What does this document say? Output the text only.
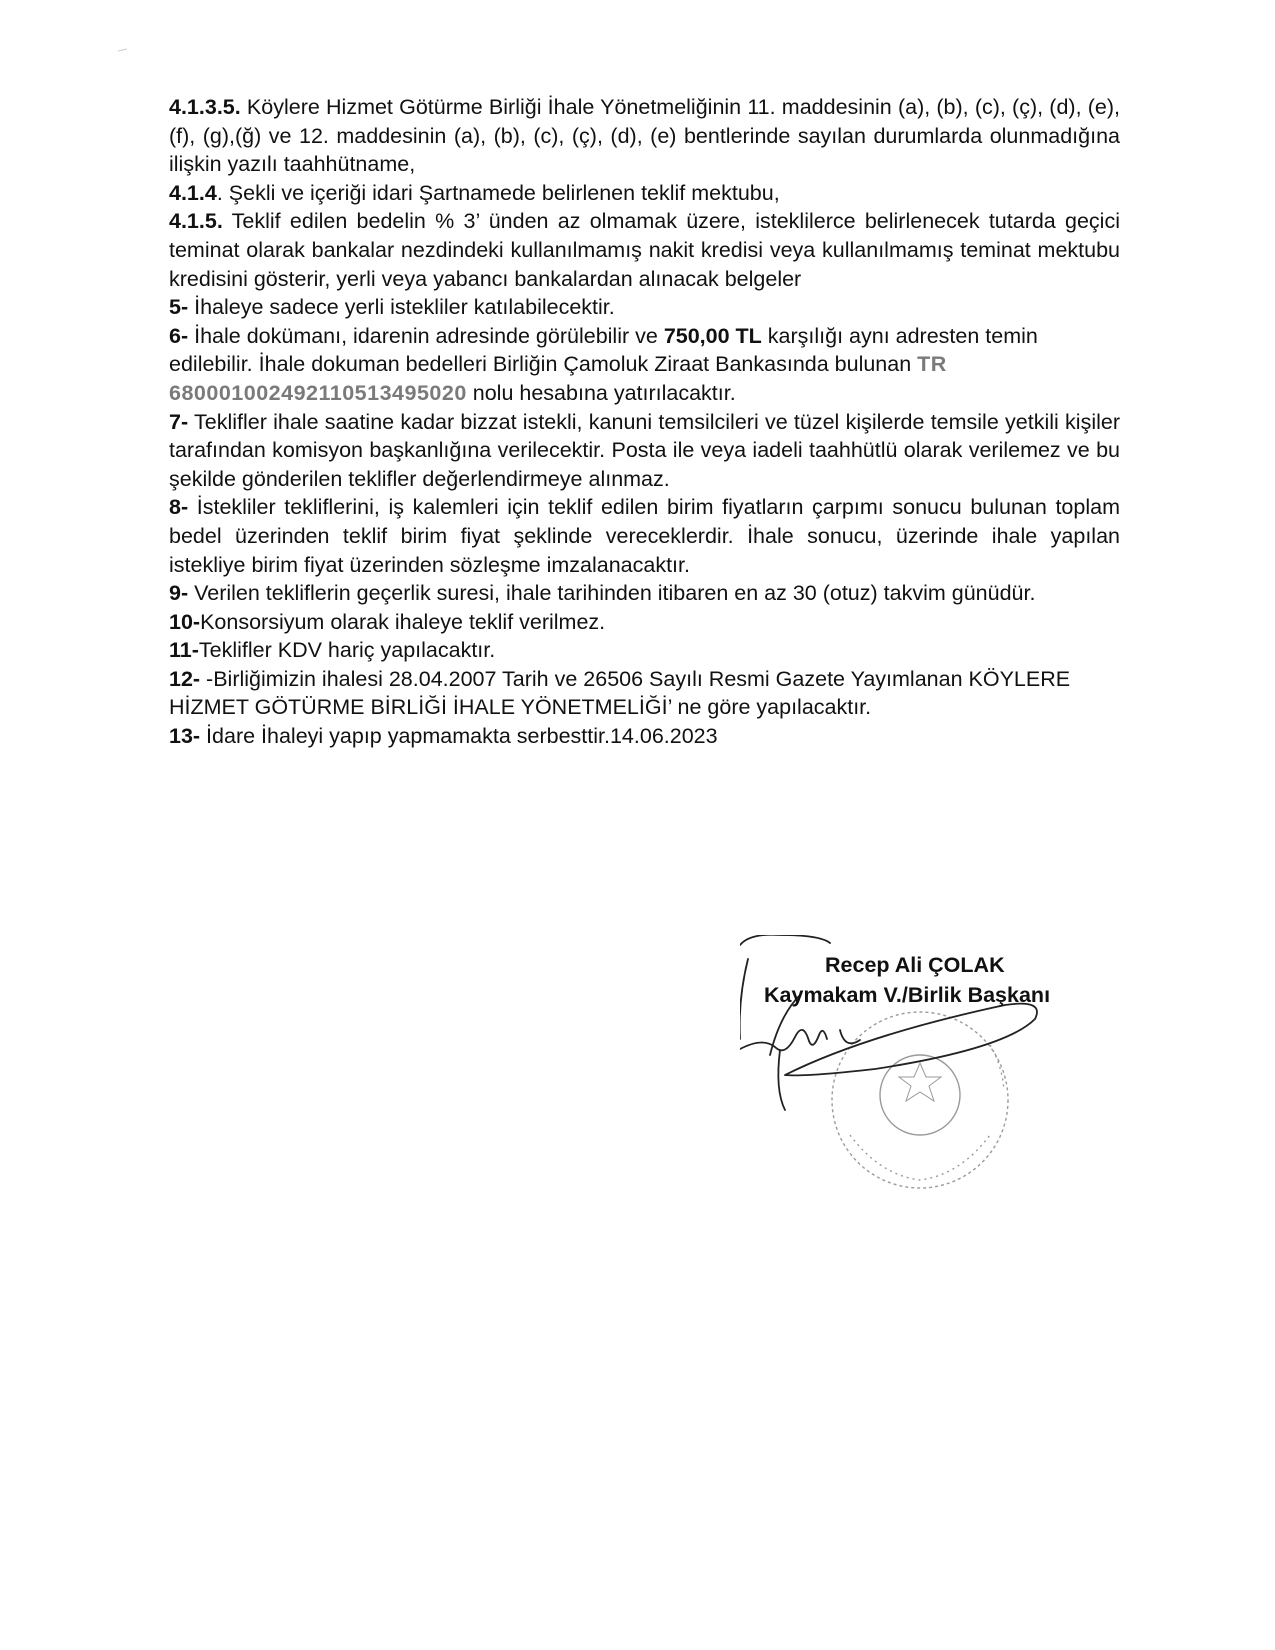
4.1.3.5. Köylere Hizmet Götürme Birliği İhale Yönetmeliğinin 11. maddesinin (a), (b), (c), (ç), (d), (e), (f), (g),(ğ) ve 12. maddesinin (a), (b), (c), (ç), (d), (e) bentlerinde sayılan durumlarda olunmadığına ilişkin yazılı taahhütname,

4.1.4. Şekli ve içeriği idari Şartnamede belirlenen teklif mektubu,

4.1.5. Teklif edilen bedelin % 3’ ünden az olmamak üzere, isteklilerce belirlenecek tutarda geçici teminat olarak bankalar nezdindeki kullanılmamış nakit kredisi veya kullanılmamış teminat mektubu kredisini gösterir, yerli veya yabancı bankalardan alınacak belgeler

5- İhaleye sadece yerli istekliler katılabilecektir.

6- İhale dokümanı, idarenin adresinde görülebilir ve 750,00 TL karşılığı aynı adresten temin edilebilir. İhale dokuman bedelleri Birliğin Çamoluk Ziraat Bankasında bulunan TR 680001002492110513495020 nolu hesabına yatırılacaktır.

7- Teklifler ihale saatine kadar bizzat istekli, kanuni temsilcileri ve tüzel kişilerde temsile yetkili kişiler tarafından komisyon başkanlığına verilecektir. Posta ile veya iadeli taahhütlü olarak verilemez ve bu şekilde gönderilen teklifler değerlendirmeye alınmaz.

8- İstekliler tekliflerini, iş kalemleri için teklif edilen birim fiyatların çarpımı sonucu bulunan toplam bedel üzerinden teklif birim fiyat şeklinde vereceklerdir. İhale sonucu, üzerinde ihale yapılan istekliye birim fiyat üzerinden sözleşme imzalanacaktır.

9- Verilen tekliflerin geçerlik suresi, ihale tarihinden itibaren en az 30 (otuz) takvim günüdür.

10-Konsorsiyum olarak ihaleye teklif verilmez.

11-Teklifler KDV hariç yapılacaktır.

12- -Birliğimizin ihalesi 28.04.2007 Tarih ve 26506 Sayılı Resmi Gazete Yayımlanan KÖYLERE HİZMET GÖTÜRME BİRLİĞİ İHALE YÖNETMELİĞİ’ ne göre yapılacaktır.

13- İdare İhaleyi yapıp yapmamakta serbesttir.14.06.2023

Recep Ali ÇOLAK
Kaymakam V./Birlik Başkanı
